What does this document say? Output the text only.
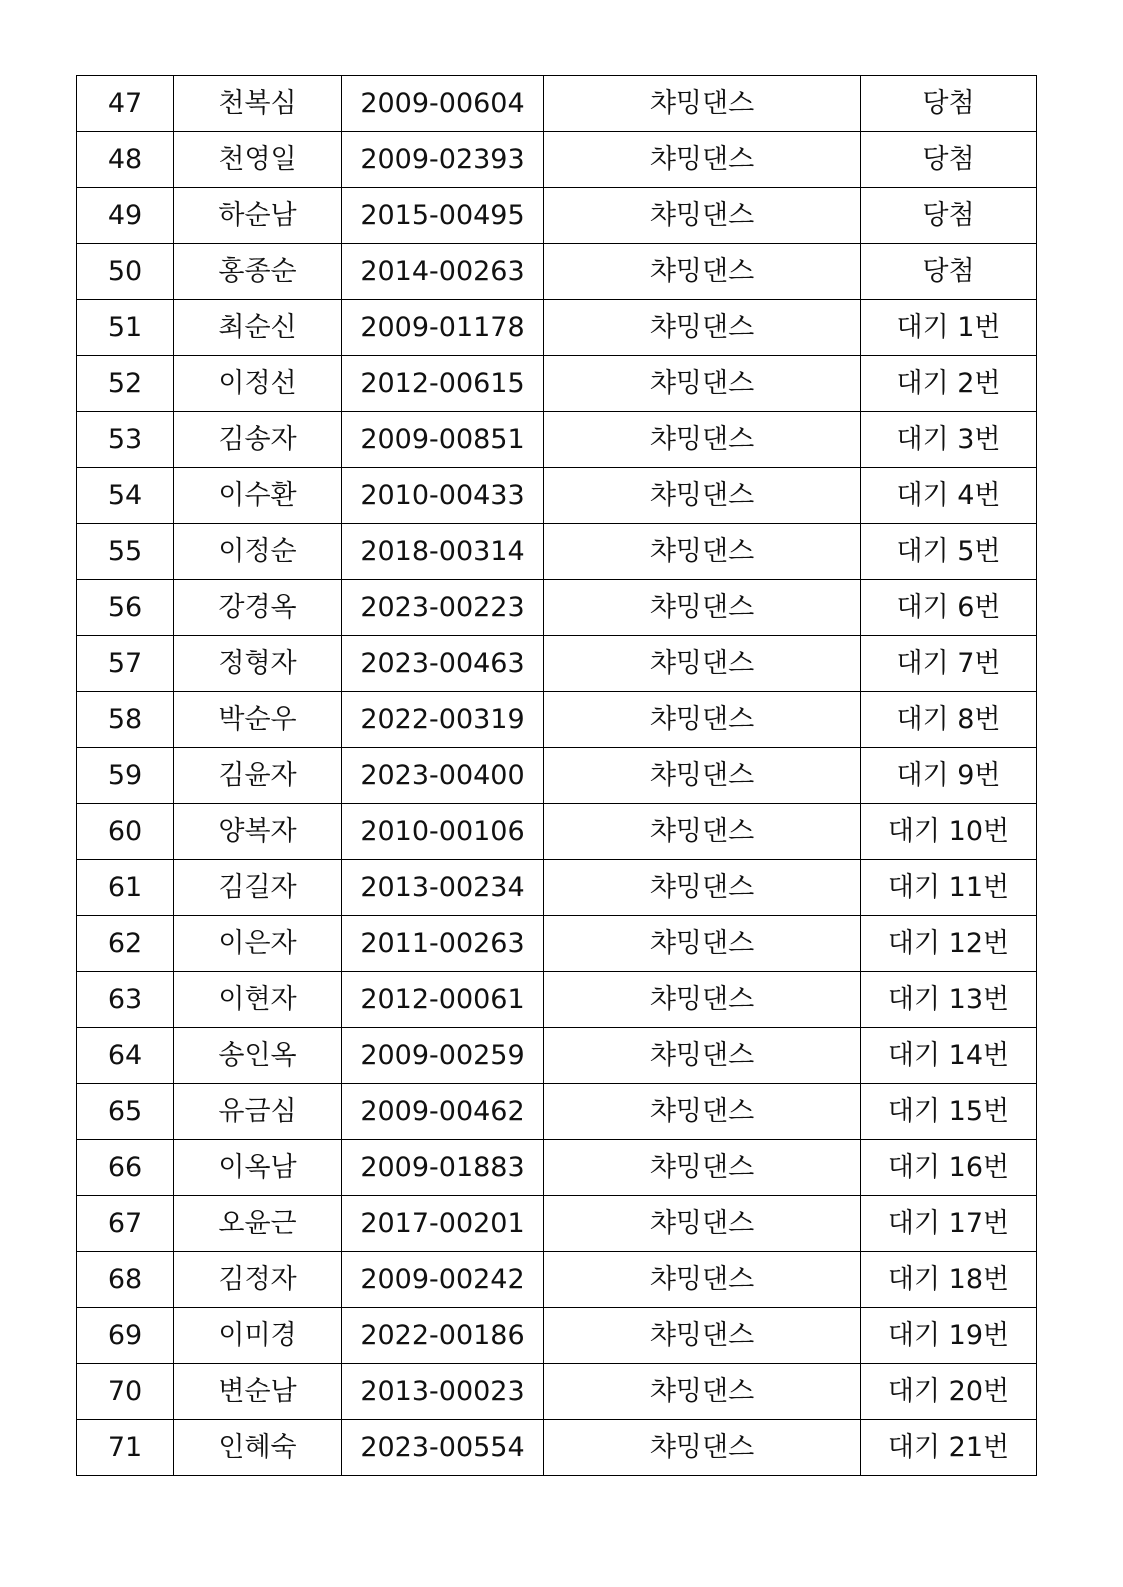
47	천복심	2009-00604	챠밍댄스	당첨
48	천영일	2009-02393	챠밍댄스	당첨
49	하순남	2015-00495	챠밍댄스	당첨
50	홍종순	2014-00263	챠밍댄스	당첨
51	최순신	2009-01178	챠밍댄스	대기 1번
52	이정선	2012-00615	챠밍댄스	대기 2번
53	김송자	2009-00851	챠밍댄스	대기 3번
54	이수환	2010-00433	챠밍댄스	대기 4번
55	이정순	2018-00314	챠밍댄스	대기 5번
56	강경옥	2023-00223	챠밍댄스	대기 6번
57	정형자	2023-00463	챠밍댄스	대기 7번
58	박순우	2022-00319	챠밍댄스	대기 8번
59	김윤자	2023-00400	챠밍댄스	대기 9번
60	양복자	2010-00106	챠밍댄스	대기 10번
61	김길자	2013-00234	챠밍댄스	대기 11번
62	이은자	2011-00263	챠밍댄스	대기 12번
63	이현자	2012-00061	챠밍댄스	대기 13번
64	송인옥	2009-00259	챠밍댄스	대기 14번
65	유금심	2009-00462	챠밍댄스	대기 15번
66	이옥남	2009-01883	챠밍댄스	대기 16번
67	오윤근	2017-00201	챠밍댄스	대기 17번
68	김정자	2009-00242	챠밍댄스	대기 18번
69	이미경	2022-00186	챠밍댄스	대기 19번
70	변순남	2013-00023	챠밍댄스	대기 20번
71	인혜숙	2023-00554	챠밍댄스	대기 21번
